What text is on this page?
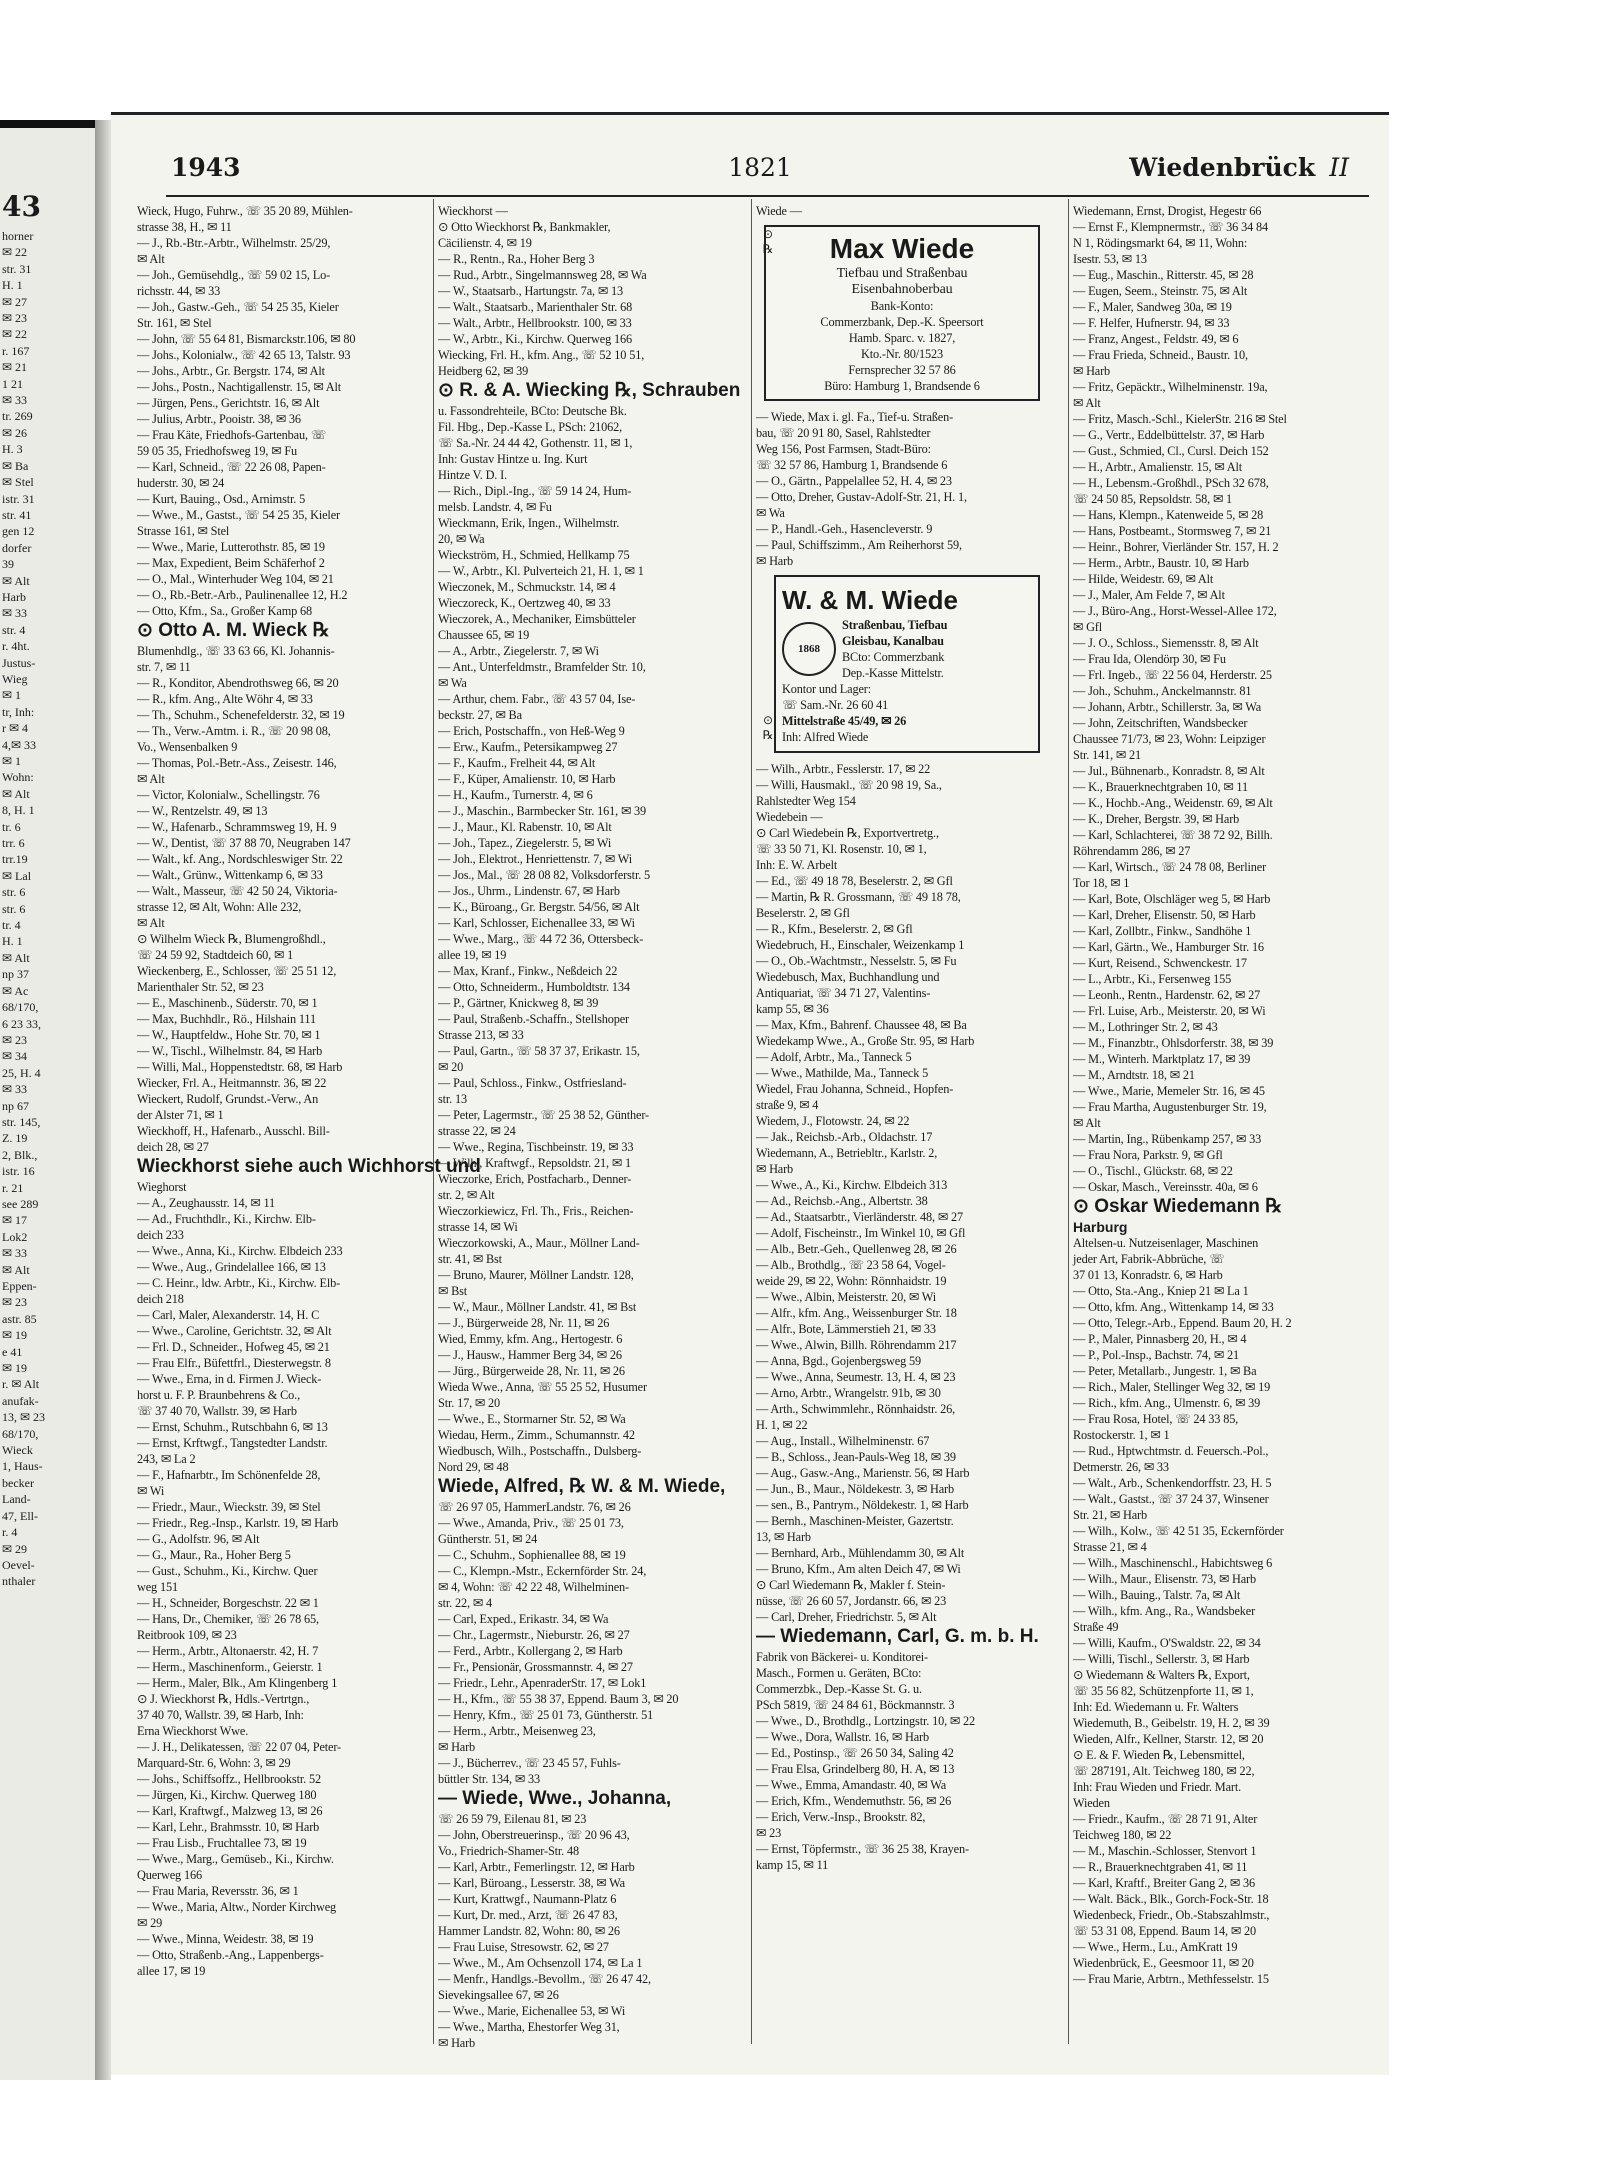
43
horner
✉ 22
str. 31
H. 1
✉ 27
✉ 23
✉ 22
r. 167
✉ 21
1 21
✉ 33
tr. 269
✉ 26
H. 3
✉ Ba
✉ Stel
istr. 31
str. 41
gen 12
dorfer
39
✉ Alt
Harb
✉ 33
str. 4
r. 4ht.
Justus-
Wieg
✉ 1
tr, Inh:
r ✉ 4
4,✉ 33
✉ 1
Wohn:
✉ Alt
8, H. 1
tr. 6
trr. 6
trr.19
✉ Lal
str. 6
str. 6
tr. 4
H. 1
✉ Alt
np 37
✉ Ac
68/170,
6 23 33,
✉ 23
✉ 34
25, H. 4
✉ 33
np 67
str. 145,
Z. 19
2, Blk.,
istr. 16
r. 21
see 289
✉ 17
Lok2
✉ 33
✉ Alt
Eppen-
✉ 23
astr. 85
✉ 19
e 41
✉ 19
r. ✉ Alt
anufak-
13, ✉ 23
68/170,
Wieck
1, Haus-
becker
Land-
47, Ell-
r. 4
✉ 29
Oevel-
nthaler
1943	1821	Wiedenbrück II
Wieck, Hugo, Fuhrw., ☏ 35 20 89, Mühlen-
strasse 38, H., ✉ 11
— J., Rb.-Btr.-Arbtr., Wilhelmstr. 25/29,
✉ Alt
— Joh., Gemüsehdlg., ☏ 59 02 15, Lo-
richsstr. 44, ✉ 33
— Joh., Gastw.-Geh., ☏ 54 25 35, Kieler
Str. 161, ✉ Stel
— John, ☏ 55 64 81, Bismarckstr.106, ✉ 80
— Johs., Kolonialw., ☏ 42 65 13, Talstr. 93
— Johs., Arbtr., Gr. Bergstr. 174, ✉ Alt
— Johs., Postn., Nachtigallenstr. 15, ✉ Alt
— Jürgen, Pens., Gerichtstr. 16, ✉ Alt
— Julius, Arbtr., Pooistr. 38, ✉ 36
— Frau Käte, Friedhofs-Gartenbau, ☏
59 05 35, Friedhofsweg 19, ✉ Fu
— Karl, Schneid., ☏ 22 26 08, Papen-
huderstr. 30, ✉ 24
— Kurt, Bauing., Osd., Arnimstr. 5
— Wwe., M., Gastst., ☏ 54 25 35, Kieler
Strasse 161, ✉ Stel
— Wwe., Marie, Lutterothstr. 85, ✉ 19
— Max, Expedient, Beim Schäferhof 2
— O., Mal., Winterhuder Weg 104, ✉ 21
— O., Rb.-Betr.-Arb., Paulinenallee 12, H.2
— Otto, Kfm., Sa., Großer Kamp 68
⊙ Otto A. M. Wieck ℞
Blumenhdlg., ☏ 33 63 66, Kl. Johannis-
str. 7, ✉ 11
— R., Konditor, Abendrothsweg 66, ✉ 20
— R., kfm. Ang., Alte Wöhr 4, ✉ 33
— Th., Schuhm., Schenefelderstr. 32, ✉ 19
— Th., Verw.-Amtm. i. R., ☏ 20 98 08,
Vo., Wensenbalken 9
— Thomas, Pol.-Betr.-Ass., Zeisestr. 146,
✉ Alt
— Victor, Kolonialw., Schellingstr. 76
— W., Rentzelstr. 49, ✉ 13
— W., Hafenarb., Schrammsweg 19, H. 9
— W., Dentist, ☏ 37 88 70, Neugraben 147
— Walt., kf. Ang., Nordschleswiger Str. 22
— Walt., Grünw., Wittenkamp 6, ✉ 33
— Walt., Masseur, ☏ 42 50 24, Viktoria-
strasse 12, ✉ Alt, Wohn: Alle 232,
✉ Alt
⊙ Wilhelm Wieck ℞, Blumengroßhdl.,
☏ 24 59 92, Stadtdeich 60, ✉ 1
Wieckenberg, E., Schlosser, ☏ 25 51 12,
Marienthaler Str. 52, ✉ 23
— E., Maschinenb., Süderstr. 70, ✉ 1
— Max, Buchhdlr., Rö., Hilshain 111
— W., Hauptfeldw., Hohe Str. 70, ✉ 1
— W., Tischl., Wilhelmstr. 84, ✉ Harb
— Willi, Mal., Hoppenstedtstr. 68, ✉ Harb
Wiecker, Frl. A., Heitmannstr. 36, ✉ 22
Wieckert, Rudolf, Grundst.-Verw., An
der Alster 71, ✉ 1
Wieckhoff, H., Hafenarb., Ausschl. Bill-
deich 28, ✉ 27
Wieckhorst siehe auch Wichhorst und
Wieghorst
— A., Zeughausstr. 14, ✉ 11
— Ad., Fruchthdlr., Ki., Kirchw. Elb-
deich 233
— Wwe., Anna, Ki., Kirchw. Elbdeich 233
— Wwe., Aug., Grindelallee 166, ✉ 13
— C. Heinr., ldw. Arbtr., Ki., Kirchw. Elb-
deich 218
— Carl, Maler, Alexanderstr. 14, H. C
— Wwe., Caroline, Gerichtstr. 32, ✉ Alt
— Frl. D., Schneider., Hofweg 45, ✉ 21
— Frau Elfr., Büfettfrl., Diesterwegstr. 8
— Wwe., Erna, in d. Firmen J. Wieck-
horst u. F. P. Braunbehrens & Co.,
☏ 37 40 70, Wallstr. 39, ✉ Harb
— Ernst, Schuhm., Rutschbahn 6, ✉ 13
— Ernst, Krftwgf., Tangstedter Landstr.
243, ✉ La 2
— F., Hafnarbtr., Im Schönenfelde 28,
✉ Wi
— Friedr., Maur., Wieckstr. 39, ✉ Stel
— Friedr., Reg.-Insp., Karlstr. 19, ✉ Harb
— G., Adolfstr. 96, ✉ Alt
— G., Maur., Ra., Hoher Berg 5
— Gust., Schuhm., Ki., Kirchw. Quer
weg 151
— H., Schneider, Borgeschstr. 22 ✉ 1
— Hans, Dr., Chemiker, ☏ 26 78 65,
Reitbrook 109, ✉ 23
— Herm., Arbtr., Altonaerstr. 42, H. 7
— Herm., Maschinenform., Geierstr. 1
— Herm., Maler, Blk., Am Klingenberg 1
⊙ J. Wieckhorst ℞, Hdls.-Vertrtgn.,
37 40 70, Wallstr. 39, ✉ Harb, Inh:
Erna Wieckhorst Wwe.
— J. H., Delikatessen, ☏ 22 07 04, Peter-
Marquard-Str. 6, Wohn: 3, ✉ 29
— Johs., Schiffsoffz., Hellbrookstr. 52
— Jürgen, Ki., Kirchw. Querweg 180
— Karl, Kraftwgf., Malzweg 13, ✉ 26
— Karl, Lehr., Brahmsstr. 10, ✉ Harb
— Frau Lisb., Fruchtallee 73, ✉ 19
— Wwe., Marg., Gemüseb., Ki., Kirchw.
Querweg 166
— Frau Maria, Reversstr. 36, ✉ 1
— Wwe., Maria, Altw., Norder Kirchweg
✉ 29
— Wwe., Minna, Weidestr. 38, ✉ 19
— Otto, Straßenb.-Ang., Lappenbergs-
allee 17, ✉ 19
Wieckhorst —
⊙ Otto Wieckhorst ℞, Bankmakler,
Cäcilienstr. 4, ✉ 19
— R., Rentn., Ra., Hoher Berg 3
— Rud., Arbtr., Singelmannsweg 28, ✉ Wa
— W., Staatsarb., Hartungstr. 7a, ✉ 13
— Walt., Staatsarb., Marienthaler Str. 68
— Walt., Arbtr., Hellbrookstr. 100, ✉ 33
— W., Arbtr., Ki., Kirchw. Querweg 166
Wiecking, Frl. H., kfm. Ang., ☏ 52 10 51,
Heidberg 62, ✉ 39
⊙ R. & A. Wiecking ℞, Schrauben
u. Fassondrehteile, BCto: Deutsche Bk.
Fil. Hbg., Dep.-Kasse L, PSch: 21062,
☏ Sa.-Nr. 24 44 42, Gothenstr. 11, ✉ 1,
Inh: Gustav Hintze u. Ing. Kurt
Hintze V. D. I.
— Rich., Dipl.-Ing., ☏ 59 14 24, Hum-
melsb. Landstr. 4, ✉ Fu
Wieckmann, Erik, Ingen., Wilhelmstr.
20, ✉ Wa
Wieckström, H., Schmied, Hellkamp 75
— W., Arbtr., Kl. Pulverteich 21, H. 1, ✉ 1
Wieczonek, M., Schmuckstr. 14, ✉ 4
Wieczoreck, K., Oertzweg 40, ✉ 33
Wieczorek, A., Mechaniker, Eimsbütteler
Chaussee 65, ✉ 19
— A., Arbtr., Ziegelerstr. 7, ✉ Wi
— Ant., Unterfeldmstr., Bramfelder Str. 10,
✉ Wa
— Arthur, chem. Fabr., ☏ 43 57 04, Ise-
beckstr. 27, ✉ Ba
— Erich, Postschaffn., von Heß-Weg 9
— Erw., Kaufm., Petersikampweg 27
— F., Kaufm., Frelheit 44, ✉ Alt
— F., Küper, Amalienstr. 10, ✉ Harb
— H., Kaufm., Turnerstr. 4, ✉ 6
— J., Maschin., Barmbecker Str. 161, ✉ 39
— J., Maur., Kl. Rabenstr. 10, ✉ Alt
— Joh., Tapez., Ziegelerstr. 5, ✉ Wi
— Joh., Elektrot., Henriettenstr. 7, ✉ Wi
— Jos., Mal., ☏ 28 08 82, Volksdorferstr. 5
— Jos., Uhrm., Lindenstr. 67, ✉ Harb
— K., Büroang., Gr. Bergstr. 54/56, ✉ Alt
— Karl, Schlosser, Eichenallee 33, ✉ Wi
— Wwe., Marg., ☏ 44 72 36, Ottersbeck-
allee 19, ✉ 19
— Max, Kranf., Finkw., Neßdeich 22
— Otto, Schneiderm., Humboldtstr. 134
— P., Gärtner, Knickweg 8, ✉ 39
— Paul, Straßenb.-Schaffn., Stellshoper
Strasse 213, ✉ 33
— Paul, Gartn., ☏ 58 37 37, Erikastr. 15,
✉ 20
— Paul, Schloss., Finkw., Ostfriesland-
str. 13
— Peter, Lagermstr., ☏ 25 38 52, Günther-
strasse 22, ✉ 24
— Wwe., Regina, Tischbeinstr. 19, ✉ 33
— Wilh., Kraftwgf., Repsoldstr. 21, ✉ 1
Wieczorke, Erich, Postfacharb., Denner-
str. 2, ✉ Alt
Wieczorkiewicz, Frl. Th., Fris., Reichen-
strasse 14, ✉ Wi
Wieczorkowski, A., Maur., Möllner Land-
str. 41, ✉ Bst
— Bruno, Maurer, Möllner Landstr. 128,
✉ Bst
— W., Maur., Möllner Landstr. 41, ✉ Bst
— J., Bürgerweide 28, Nr. 11, ✉ 26
Wied, Emmy, kfm. Ang., Hertogestr. 6
— J., Hausw., Hammer Berg 34, ✉ 26
— Jürg., Bürgerweide 28, Nr. 11, ✉ 26
Wieda Wwe., Anna, ☏ 55 25 52, Husumer
Str. 17, ✉ 20
— Wwe., E., Stormarner Str. 52, ✉ Wa
Wiedau, Herm., Zimm., Schumannstr. 42
Wiedbusch, Wilh., Postschaffn., Dulsberg-
Nord 29, ✉ 48
Wiede, Alfred, ℞ W. & M. Wiede,
☏ 26 97 05, HammerLandstr. 76, ✉ 26
— Wwe., Amanda, Priv., ☏ 25 01 73,
Güntherstr. 51, ✉ 24
— C., Schuhm., Sophienallee 88, ✉ 19
— C., Klempn.-Mstr., Eckernförder Str. 24,
✉ 4, Wohn: ☏ 42 22 48, Wilhelminen-
str. 22, ✉ 4
— Carl, Exped., Erikastr. 34, ✉ Wa
— Chr., Lagermstr., Nieburstr. 26, ✉ 27
— Ferd., Arbtr., Kollergang 2, ✉ Harb
— Fr., Pensionär, Grossmannstr. 4, ✉ 27
— Friedr., Lehr., ApenraderStr. 17, ✉ Lok1
— H., Kfm., ☏ 55 38 37, Eppend. Baum 3, ✉ 20
— Henry, Kfm., ☏ 25 01 73, Güntherstr. 51
— Herm., Arbtr., Meisenweg 23,
✉ Harb
— J., Bücherrev., ☏ 23 45 57, Fuhls-
büttler Str. 134, ✉ 33
— Wiede, Wwe., Johanna,
☏ 26 59 79, Eilenau 81, ✉ 23
— John, Oberstreuerinsp., ☏ 20 96 43,
Vo., Friedrich-Shamer-Str. 48
— Karl, Arbtr., Femerlingstr. 12, ✉ Harb
— Karl, Büroang., Lesserstr. 38, ✉ Wa
— Kurt, Krattwgf., Naumann-Platz 6
— Kurt, Dr. med., Arzt, ☏ 26 47 83,
Hammer Landstr. 82, Wohn: 80, ✉ 26
— Frau Luise, Stresowstr. 62, ✉ 27
— Wwe., M., Am Ochsenzoll 174, ✉ La 1
— Menfr., Handlgs.-Bevollm., ☏ 26 47 42,
Sievekingsallee 67, ✉ 26
— Wwe., Marie, Eichenallee 53, ✉ Wi
— Wwe., Martha, Ehestorfer Weg 31,
✉ Harb
Wiede —
Max Wiede
Tiefbau und Straßenbau
Eisenbahnoberbau
Bank-Konto:
Commerzbank, Dep.-K. Speersort
Hamb. Sparc. v. 1827,
Kto.-Nr. 80/1523
Fernsprecher 32 57 86
Büro: Hamburg 1, Brandsende 6
— Wiede, Max i. gl. Fa., Tief-u. Straßen-
bau, ☏ 20 91 80, Sasel, Rahlstedter
Weg 156, Post Farmsen, Stadt-Büro:
☏ 32 57 86, Hamburg 1, Brandsende 6
— O., Gärtn., Pappelallee 52, H. 4, ✉ 23
— Otto, Dreher, Gustav-Adolf-Str. 21, H. 1,
✉ Wa
— P., Handl.-Geh., Hasencleverstr. 9
— Paul, Schiffszimm., Am Reiherhorst 59,
✉ Harb
W. & M. Wiede
1868
Straßenbau, Tiefbau
Gleisbau, Kanalbau
BCto: Commerzbank
Dep.-Kasse Mittelstr.
Kontor und Lager:
☏ Sam.-Nr. 26 60 41
Mittelstraße 45/49, ✉ 26
Inh: Alfred Wiede
— Wilh., Arbtr., Fesslerstr. 17, ✉ 22
— Willi, Hausmakl., ☏ 20 98 19, Sa.,
Rahlstedter Weg 154
Wiedebein —
⊙ Carl Wiedebein ℞, Exportvertretg.,
☏ 33 50 71, Kl. Rosenstr. 10, ✉ 1,
Inh: E. W. Arbelt
— Ed., ☏ 49 18 78, Beselerstr. 2, ✉ Gfl
— Martin, ℞ R. Grossmann, ☏ 49 18 78,
Beselerstr. 2, ✉ Gfl
— R., Kfm., Beselerstr. 2, ✉ Gfl
Wiedebruch, H., Einschaler, Weizenkamp 1
— O., Ob.-Wachtmstr., Nesselstr. 5, ✉ Fu
Wiedebusch, Max, Buchhandlung und
Antiquariat, ☏ 34 71 27, Valentins-
kamp 55, ✉ 36
— Max, Kfm., Bahrenf. Chaussee 48, ✉ Ba
Wiedekamp Wwe., A., Große Str. 95, ✉ Harb
— Adolf, Arbtr., Ma., Tanneck 5
— Wwe., Mathilde, Ma., Tanneck 5
Wiedel, Frau Johanna, Schneid., Hopfen-
straße 9, ✉ 4
Wiedem, J., Flotowstr. 24, ✉ 22
— Jak., Reichsb.-Arb., Oldachstr. 17
Wiedemann, A., Betriebltr., Karlstr. 2,
✉ Harb
— Wwe., A., Ki., Kirchw. Elbdeich 313
— Ad., Reichsb.-Ang., Albertstr. 38
— Ad., Staatsarbtr., Vierländerstr. 48, ✉ 27
— Adolf, Fischeinstr., Im Winkel 10, ✉ Gfl
— Alb., Betr.-Geh., Quellenweg 28, ✉ 26
— Alb., Brothdlg., ☏ 23 58 64, Vogel-
weide 29, ✉ 22, Wohn: Rönnhaidstr. 19
— Wwe., Albin, Meisterstr. 20, ✉ Wi
— Alfr., kfm. Ang., Weissenburger Str. 18
— Alfr., Bote, Lämmerstieh 21, ✉ 33
— Wwe., Alwin, Billh. Röhrendamm 217
— Anna, Bgd., Gojenbergsweg 59
— Wwe., Anna, Seumestr. 13, H. 4, ✉ 23
— Arno, Arbtr., Wrangelstr. 91b, ✉ 30
— Arth., Schwimmlehr., Rönnhaidstr. 26,
H. 1, ✉ 22
— Aug., Install., Wilhelminenstr. 67
— B., Schloss., Jean-Pauls-Weg 18, ✉ 39
— Aug., Gasw.-Ang., Marienstr. 56, ✉ Harb
— Jun., B., Maur., Nöldekestr. 3, ✉ Harb
— sen., B., Pantrym., Nöldekestr. 1, ✉ Harb
— Bernh., Maschinen-Meister, Gazertstr.
13, ✉ Harb
— Bernhard, Arb., Mühlendamm 30, ✉ Alt
— Bruno, Kfm., Am alten Deich 47, ✉ Wi
⊙ Carl Wiedemann ℞, Makler f. Stein-
nüsse, ☏ 26 60 57, Jordanstr. 66, ✉ 23
— Carl, Dreher, Friedrichstr. 5, ✉ Alt
— Wiedemann, Carl, G. m. b. H.
Fabrik von Bäckerei- u. Konditorei-
Masch., Formen u. Geräten, BCto:
Commerzbk., Dep.-Kasse St. G. u.
PSch 5819, ☏ 24 84 61, Böckmannstr. 3
— Wwe., D., Brothdlg., Lortzingstr. 10, ✉ 22
— Wwe., Dora, Wallstr. 16, ✉ Harb
— Ed., Postinsp., ☏ 26 50 34, Saling 42
— Frau Elsa, Grindelberg 80, H. A, ✉ 13
— Wwe., Emma, Amandastr. 40, ✉ Wa
— Erich, Kfm., Wendemuthstr. 56, ✉ 26
— Erich, Verw.-Insp., Brookstr. 82,
✉ 23
— Ernst, Töpfermstr., ☏ 36 25 38, Krayen-
kamp 15, ✉ 11
Wiedemann, Ernst, Drogist, Hegestr 66
— Ernst F., Klempnermstr., ☏ 36 34 84
N 1, Rödingsmarkt 64, ✉ 11, Wohn:
Isestr. 53, ✉ 13
— Eug., Maschin., Ritterstr. 45, ✉ 28
— Eugen, Seem., Steinstr. 75, ✉ Alt
— F., Maler, Sandweg 30a, ✉ 19
— F. Helfer, Hufnerstr. 94, ✉ 33
— Franz, Angest., Feldstr. 49, ✉ 6
— Frau Frieda, Schneid., Baustr. 10,
✉ Harb
— Fritz, Gepäcktr., Wilhelminenstr. 19a,
✉ Alt
— Fritz, Masch.-Schl., KielerStr. 216 ✉ Stel
— G., Vertr., Eddelbüttelstr. 37, ✉ Harb
— Gust., Schmied, Cl., Cursl. Deich 152
— H., Arbtr., Amalienstr. 15, ✉ Alt
— H., Lebensm.-Großhdl., PSch 32 678,
☏ 24 50 85, Repsoldstr. 58, ✉ 1
— Hans, Klempn., Katenweide 5, ✉ 28
— Hans, Postbeamt., Stormsweg 7, ✉ 21
— Heinr., Bohrer, Vierländer Str. 157, H. 2
— Herm., Arbtr., Baustr. 10, ✉ Harb
— Hilde, Weidestr. 69, ✉ Alt
— J., Maler, Am Felde 7, ✉ Alt
— J., Büro-Ang., Horst-Wessel-Allee 172,
✉ Gfl
— J. O., Schloss., Siemensstr. 8, ✉ Alt
— Frau Ida, Olendörp 30, ✉ Fu
— Frl. Ingeb., ☏ 22 56 04, Herderstr. 25
— Joh., Schuhm., Anckelmannstr. 81
— Johann, Arbtr., Schillerstr. 3a, ✉ Wa
— John, Zeitschriften, Wandsbecker
Chaussee 71/73, ✉ 23, Wohn: Leipziger
Str. 141, ✉ 21
— Jul., Bühnenarb., Konradstr. 8, ✉ Alt
— K., Brauerknechtgraben 10, ✉ 11
— K., Hochb.-Ang., Weidenstr. 69, ✉ Alt
— K., Dreher, Bergstr. 39, ✉ Harb
— Karl, Schlachterei, ☏ 38 72 92, Billh.
Röhrendamm 286, ✉ 27
— Karl, Wirtsch., ☏ 24 78 08, Berliner
Tor 18, ✉ 1
— Karl, Bote, Olschläger weg 5, ✉ Harb
— Karl, Dreher, Elisenstr. 50, ✉ Harb
— Karl, Zollbtr., Finkw., Sandhöhe 1
— Karl, Gärtn., We., Hamburger Str. 16
— Kurt, Reisend., Schwenckestr. 17
— L., Arbtr., Ki., Fersenweg 155
— Leonh., Rentn., Hardenstr. 62, ✉ 27
— Frl. Luise, Arb., Meisterstr. 20, ✉ Wi
— M., Lothringer Str. 2, ✉ 43
— M., Finanzbtr., Ohlsdorferstr. 38, ✉ 39
— M., Winterh. Marktplatz 17, ✉ 39
— M., Arndtstr. 18, ✉ 21
— Wwe., Marie, Memeler Str. 16, ✉ 45
— Frau Martha, Augustenburger Str. 19,
✉ Alt
— Martin, Ing., Rübenkamp 257, ✉ 33
— Frau Nora, Parkstr. 9, ✉ Gfl
— O., Tischl., Glückstr. 68, ✉ 22
— Oskar, Masch., Vereinsstr. 40a, ✉ 6
⊙ Oskar Wiedemann ℞
Harburg
Altelsen-u. Nutzeisenlager, Maschinen
jeder Art, Fabrik-Abbrüche, ☏
37 01 13, Konradstr. 6, ✉ Harb
— Otto, Sta.-Ang., Kniep 21 ✉ La 1
— Otto, kfm. Ang., Wittenkamp 14, ✉ 33
— Otto, Telegr.-Arb., Eppend. Baum 20, H. 2
— P., Maler, Pinnasberg 20, H., ✉ 4
— P., Pol.-Insp., Bachstr. 74, ✉ 21
— Peter, Metallarb., Jungestr. 1, ✉ Ba
— Rich., Maler, Stellinger Weg 32, ✉ 19
— Rich., kfm. Ang., Ulmenstr. 6, ✉ 39
— Frau Rosa, Hotel, ☏ 24 33 85,
Rostockerstr. 1, ✉ 1
— Rud., Hptwchtmstr. d. Feuersch.-Pol.,
Detmerstr. 26, ✉ 33
— Walt., Arb., Schenkendorffstr. 23, H. 5
— Walt., Gastst., ☏ 37 24 37, Winsener
Str. 21, ✉ Harb
— Wilh., Kolw., ☏ 42 51 35, Eckernförder
Strasse 21, ✉ 4
— Wilh., Maschinenschl., Habichtsweg 6
— Wilh., Maur., Elisenstr. 73, ✉ Harb
— Wilh., Bauing., Talstr. 7a, ✉ Alt
— Wilh., kfm. Ang., Ra., Wandsbeker
Straße 49
— Willi, Kaufm., O'Swaldstr. 22, ✉ 34
— Willi, Tischl., Sellerstr. 3, ✉ Harb
⊙ Wiedemann & Walters ℞, Export,
☏ 35 56 82, Schützenpforte 11, ✉ 1,
Inh: Ed. Wiedemann u. Fr. Walters
Wiedemuth, B., Geibelstr. 19, H. 2, ✉ 39
Wieden, Alfr., Kellner, Starstr. 12, ✉ 20
⊙ E. & F. Wieden ℞, Lebensmittel,
☏ 287191, Alt. Teichweg 180, ✉ 22,
Inh: Frau Wieden und Friedr. Mart.
Wieden
— Friedr., Kaufm., ☏ 28 71 91, Alter
Teichweg 180, ✉ 22
— M., Maschin.-Schlosser, Stenvort 1
— R., Brauerknechtgraben 41, ✉ 11
— Karl, Kraftf., Breiter Gang 2, ✉ 36
— Walt. Bäck., Blk., Gorch-Fock-Str. 18
Wiedenbeck, Friedr., Ob.-Stabszahlmstr.,
☏ 53 31 08, Eppend. Baum 14, ✉ 20
— Wwe., Herm., Lu., AmKratt 19
Wiedenbrück, E., Geesmoor 11, ✉ 20
— Frau Marie, Arbtrn., Methfesselstr. 15
⊙
℞
⊙
℞
